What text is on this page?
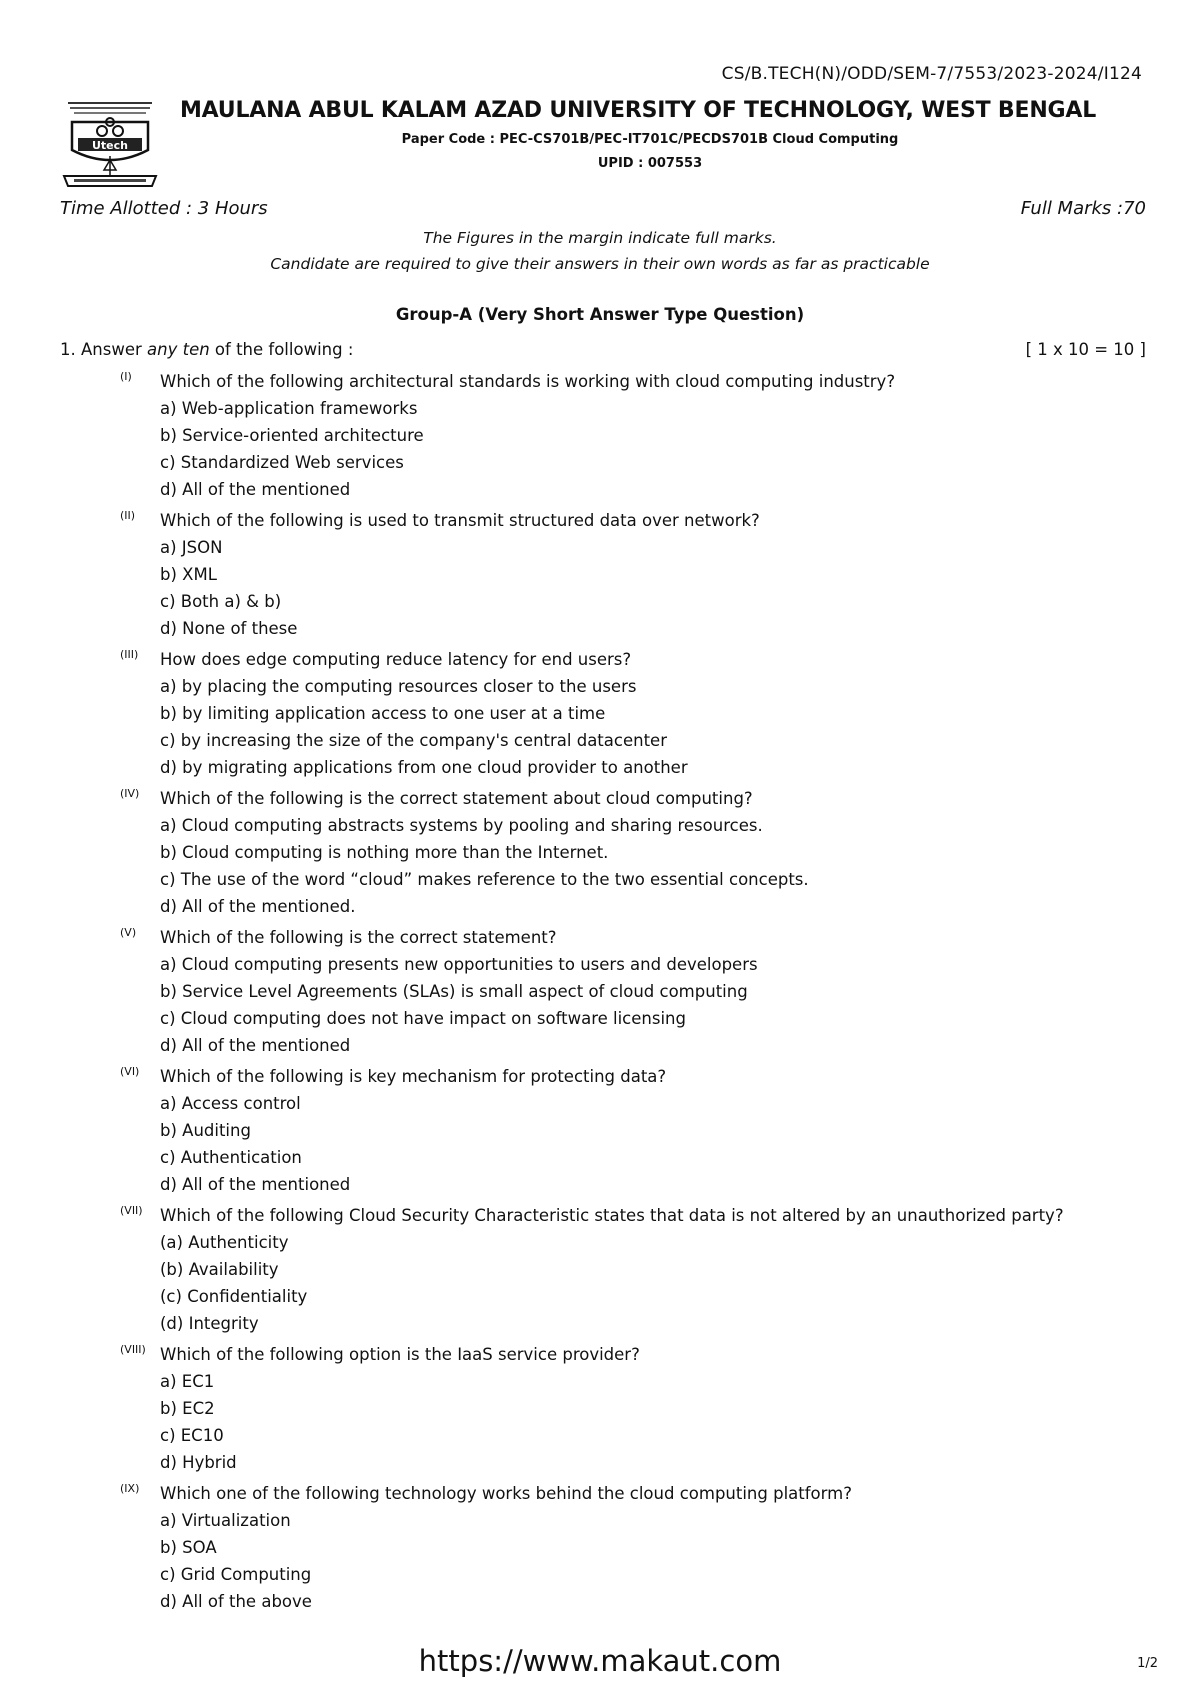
CS/B.TECH(N)/ODD/SEM-7/7553/2023-2024/I124
Utech
MAULANA ABUL KALAM AZAD UNIVERSITY OF TECHNOLOGY, WEST BENGAL
Paper Code : PEC-CS701B/PEC-IT701C/PECDS701B Cloud Computing
UPID : 007553
Time Allotted : 3 Hours	Full Marks :70
The Figures in the margin indicate full marks.
Candidate are required to give their answers in their own words as far as practicable
Group-A (Very Short Answer Type Question)
1. Answer any ten of the following :	[ 1 x 10 = 10 ]
(I) Which of the following architectural standards is working with cloud computing industry?
a) Web-application frameworks
b) Service-oriented architecture
c) Standardized Web services
d) All of the mentioned
(II) Which of the following is used to transmit structured data over network?
a) JSON
b) XML
c) Both a) & b)
d) None of these
(III) How does edge computing reduce latency for end users?
a) by placing the computing resources closer to the users
b) by limiting application access to one user at a time
c) by increasing the size of the company's central datacenter
d) by migrating applications from one cloud provider to another
(IV) Which of the following is the correct statement about cloud computing?
a) Cloud computing abstracts systems by pooling and sharing resources.
b) Cloud computing is nothing more than the Internet.
c) The use of the word “cloud” makes reference to the two essential concepts.
d) All of the mentioned.
(V) Which of the following is the correct statement?
a) Cloud computing presents new opportunities to users and developers
b) Service Level Agreements (SLAs) is small aspect of cloud computing
c) Cloud computing does not have impact on software licensing
d) All of the mentioned
(VI) Which of the following is key mechanism for protecting data?
a) Access control
b) Auditing
c) Authentication
d) All of the mentioned
(VII) Which of the following Cloud Security Characteristic states that data is not altered by an unauthorized party?
(a) Authenticity
(b) Availability
(c) Confidentiality
(d) Integrity
(VIII) Which of the following option is the IaaS service provider?
a) EC1
b) EC2
c) EC10
d) Hybrid
(IX) Which one of the following technology works behind the cloud computing platform?
a) Virtualization
b) SOA
c) Grid Computing
d) All of the above
https://www.makaut.com	1/2
